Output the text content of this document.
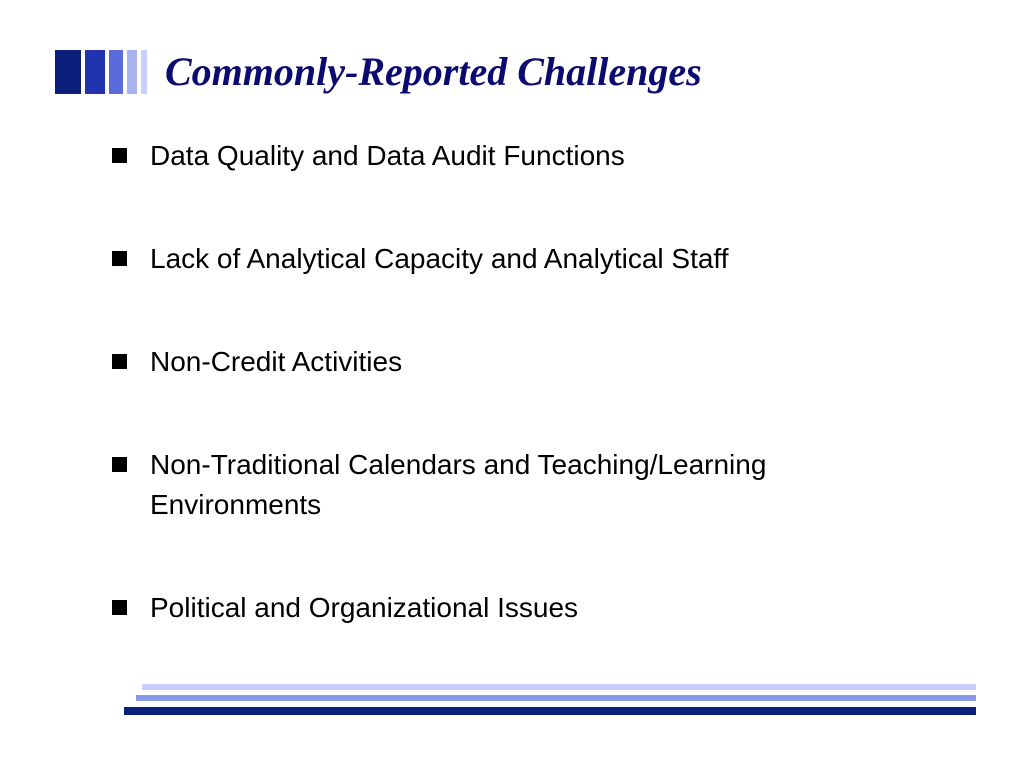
Commonly-Reported Challenges
Data Quality and Data Audit Functions
Lack of Analytical Capacity and Analytical Staff
Non-Credit Activities
Non-Traditional Calendars and Teaching/Learning Environments
Political and Organizational Issues
